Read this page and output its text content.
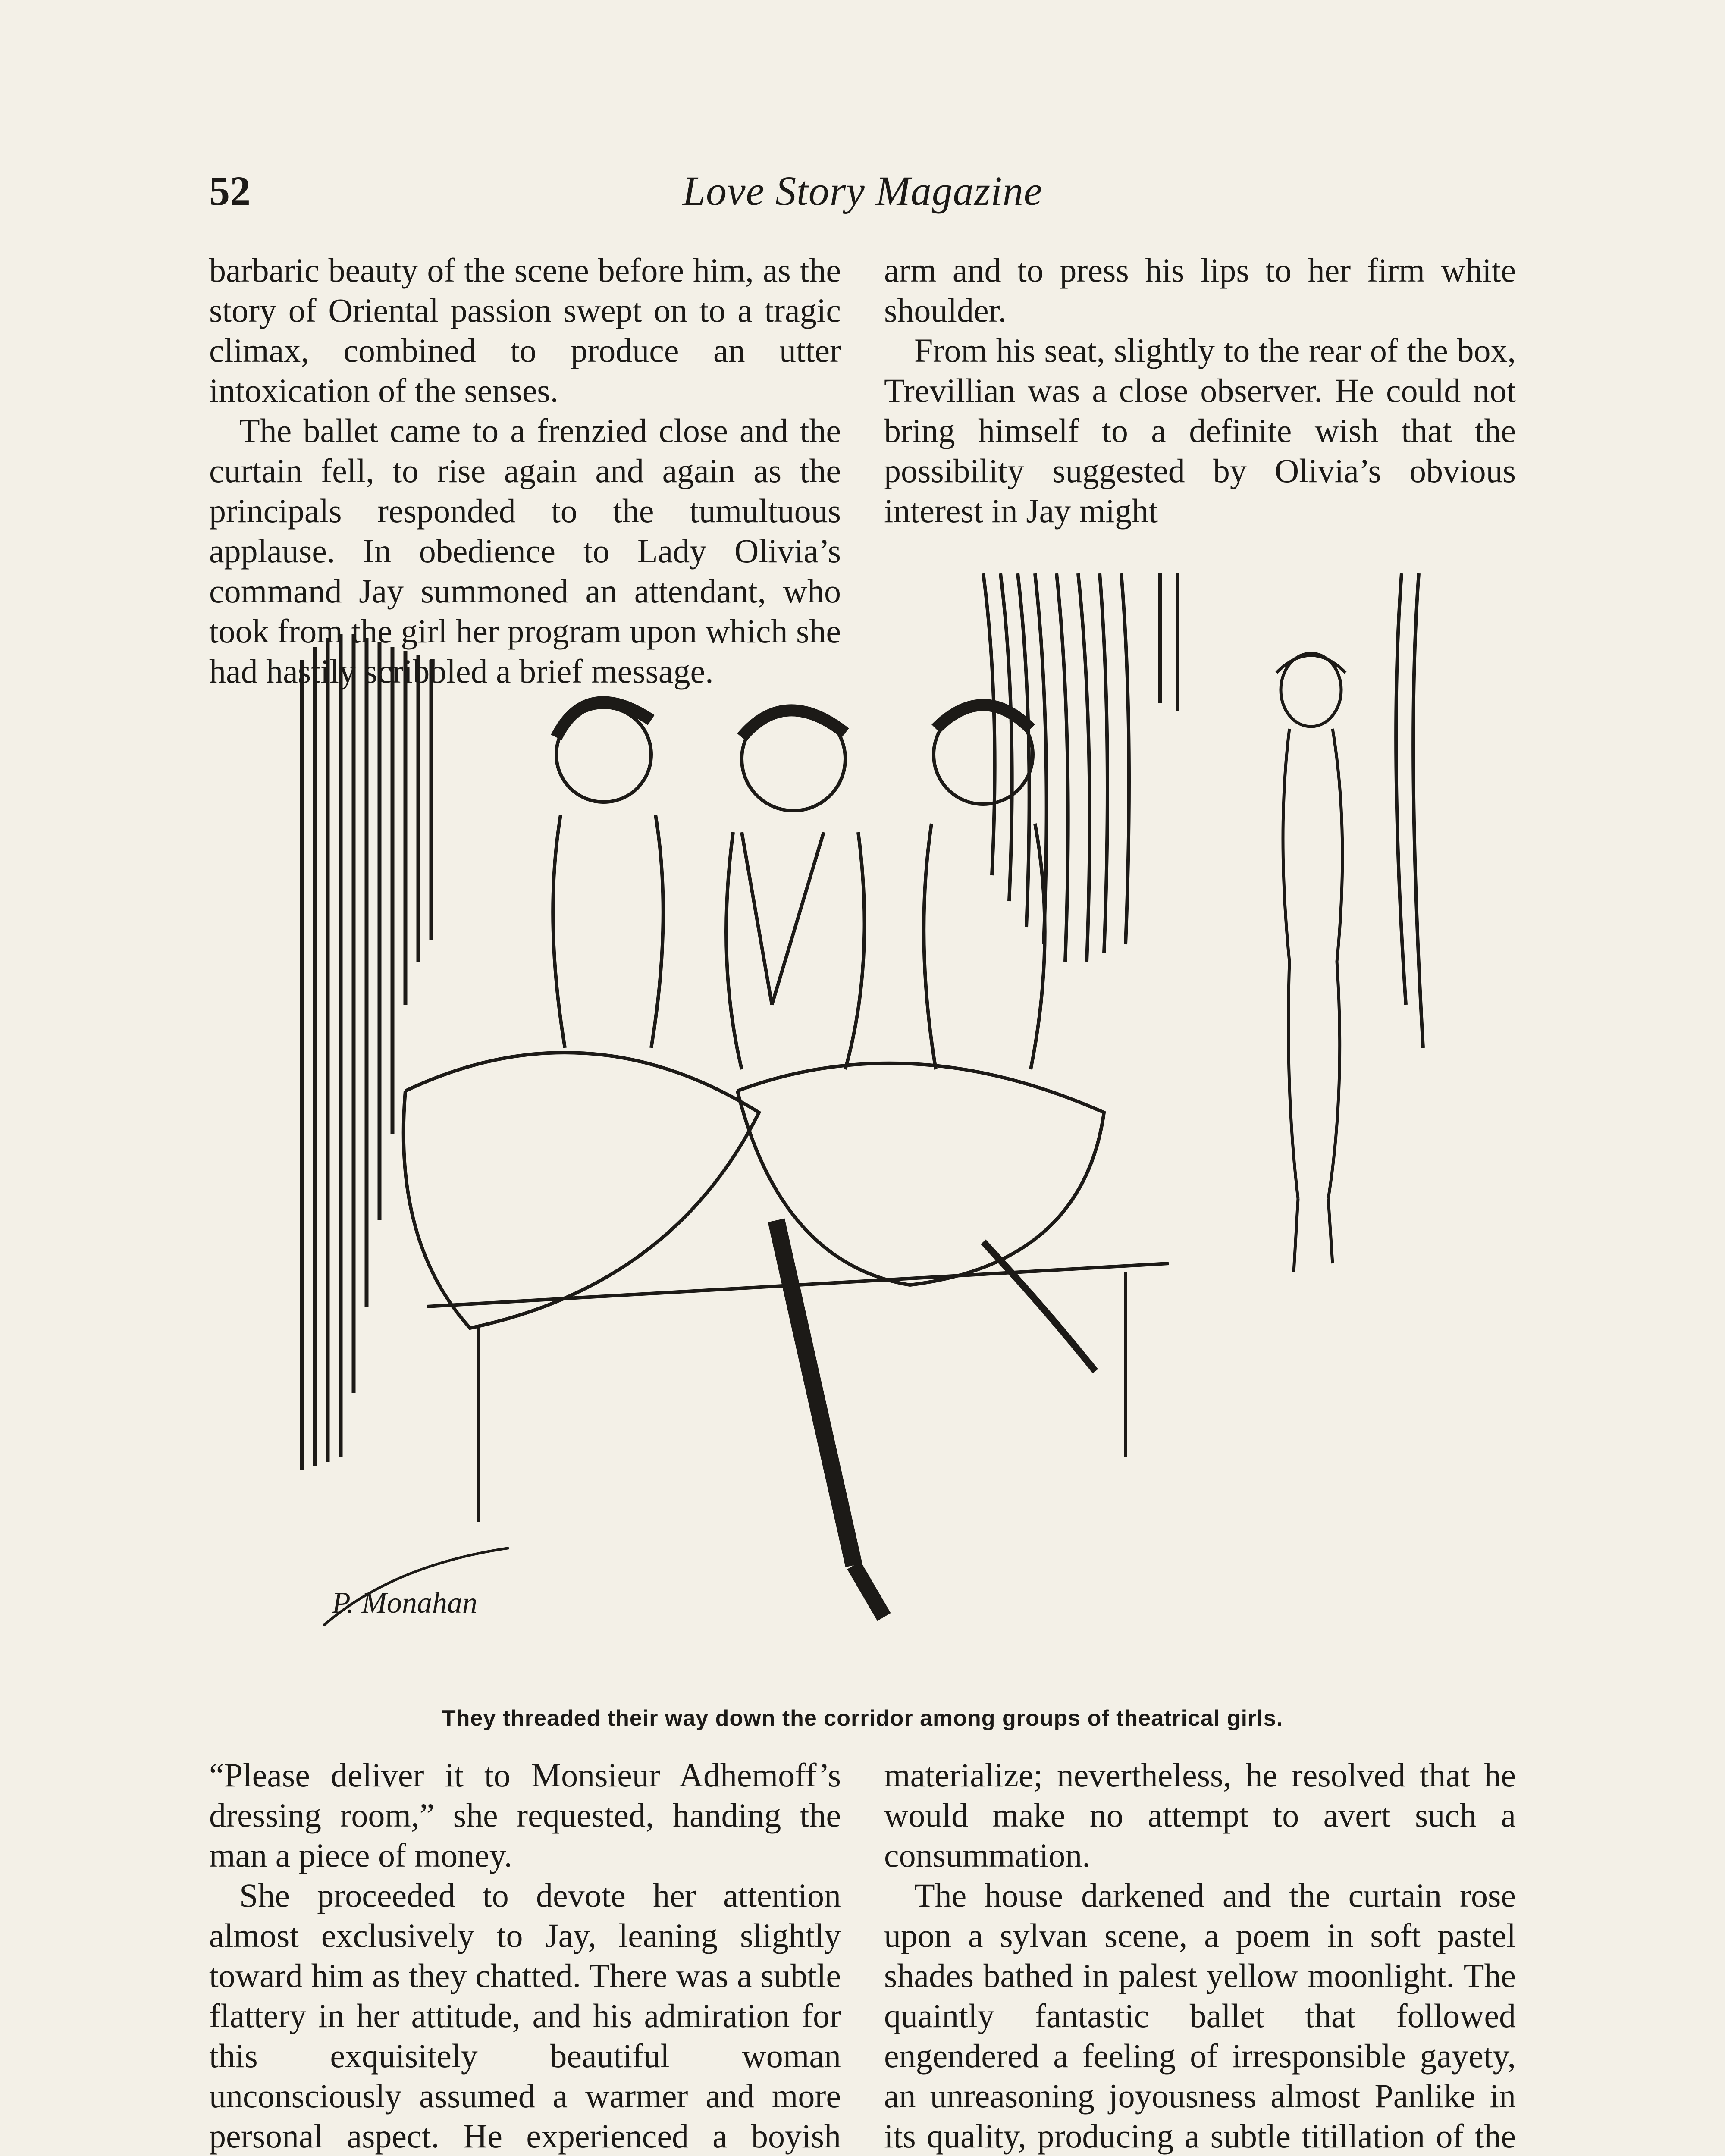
52	Love Story Magazine

barbaric beauty of the scene before him, as the story of Oriental passion swept on to a tragic climax, combined to produce an utter intoxication of the senses.

The ballet came to a frenzied close and the curtain fell, to rise again and again as the principals responded to the tumultuous applause. In obedience to Lady Olivia’s command Jay summoned an attendant, who took from the girl her program upon which she had hastily scribbled a brief message.

arm and to press his lips to her firm white shoulder.

From his seat, slightly to the rear of the box, Trevillian was a close observer. He could not bring himself to a definite wish that the possibility suggested by Olivia’s obvious interest in Jay might

P. Monahan
They threaded their way down the corridor among groups of theatrical girls.

“Please deliver it to Monsieur Adhemoff’s dressing room,” she requested, handing the man a piece of money.

She proceeded to devote her attention almost exclusively to Jay, leaning slightly toward him as they chatted. There was a subtle flattery in her attitude, and his admiration for this exquisitely beautiful woman unconsciously assumed a warmer and more personal aspect. He experienced a boyish

materialize; nevertheless, he resolved that he would make no attempt to avert such a consummation.

The house darkened and the curtain rose upon a sylvan scene, a poem in soft pastel shades bathed in palest yellow moonlight. The quaintly fantastic ballet that followed engendered a feeling of irresponsible gayety, an unreasoning joyousness almost Panlike in its quality, producing a subtle titillation of the
